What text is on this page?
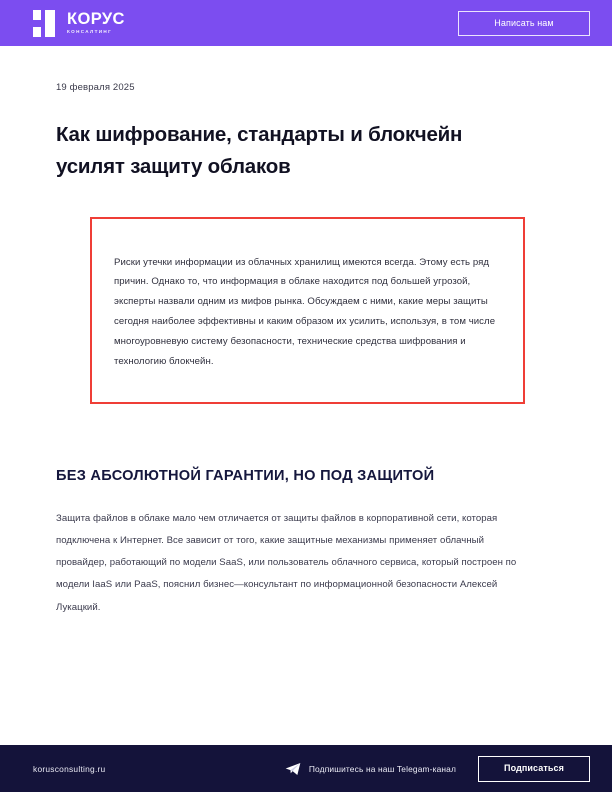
КОРУС
КОНСАЛТИНГ
Написать нам
19 февраля 2025
Как шифрование, стандарты и блокчейн усилят защиту облаков

Риски утечки информации из облачных хранилищ имеются всегда. Этому есть ряд причин. Однако то, что информация в облаке находится под большей угрозой, эксперты назвали одним из мифов рынка. Обсуждаем с ними, какие меры защиты сегодня наиболее эффективны и каким образом их усилить, используя, в том числе многоуровневую систему безопасности, технические средства шифрования и технологию блокчейн.

БЕЗ АБСОЛЮТНОЙ ГАРАНТИИ, НО ПОД ЗАЩИТОЙ

Защита файлов в облаке мало чем отличается от защиты файлов в корпоративной сети, которая подключена к Интернет. Все зависит от того, какие защитные механизмы применяет облачный провайдер, работающий по модели SaaS, или пользователь облачного сервиса, который построен по модели IaaS или PaaS, пояснил бизнес—консультант по информационной безопасности Алексей Лукацкий.

korusconsulting.ru	Подпишитесь на наш Telegam-канал	Подписаться
